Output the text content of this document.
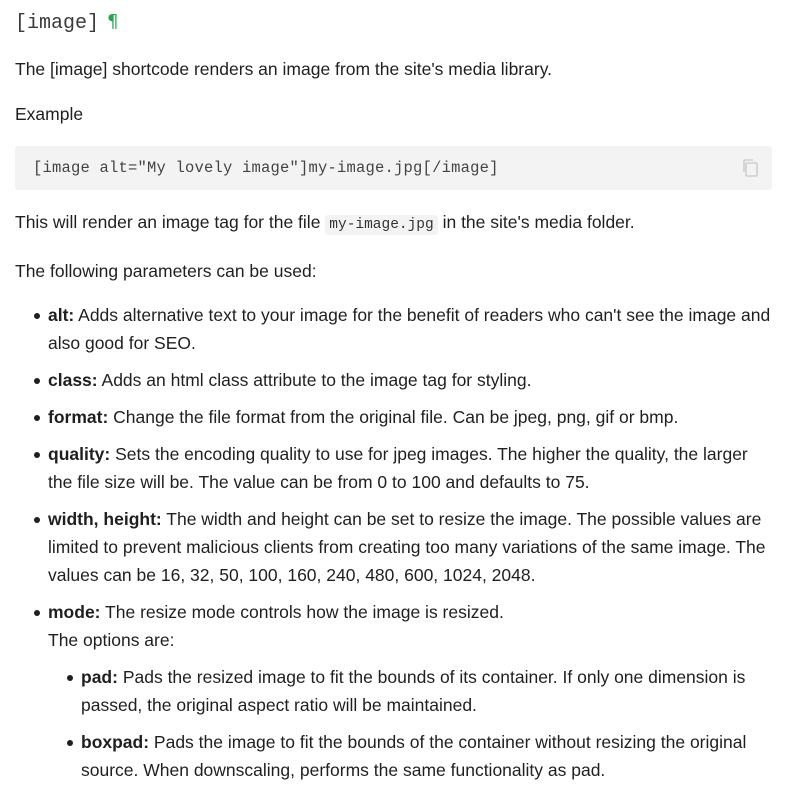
[image] ¶

The [image] shortcode renders an image from the site's media library.

Example

[image alt="My lovely image"]my-image.jpg[/image]

This will render an image tag for the file my-image.jpg in the site's media folder.

The following parameters can be used:

alt: Adds alternative text to your image for the benefit of readers who can't see the image and also good for SEO.
class: Adds an html class attribute to the image tag for styling.
format: Change the file format from the original file. Can be jpeg, png, gif or bmp.
quality: Sets the encoding quality to use for jpeg images. The higher the quality, the larger the file size will be. The value can be from 0 to 100 and defaults to 75.
width, height: The width and height can be set to resize the image. The possible values are limited to prevent malicious clients from creating too many variations of the same image. The values can be 16, 32, 50, 100, 160, 240, 480, 600, 1024, 2048.
mode: The resize mode controls how the image is resized.
The options are:
pad: Pads the resized image to fit the bounds of its container. If only one dimension is passed, the original aspect ratio will be maintained.
boxpad: Pads the image to fit the bounds of the container without resizing the original source. When downscaling, performs the same functionality as pad.
